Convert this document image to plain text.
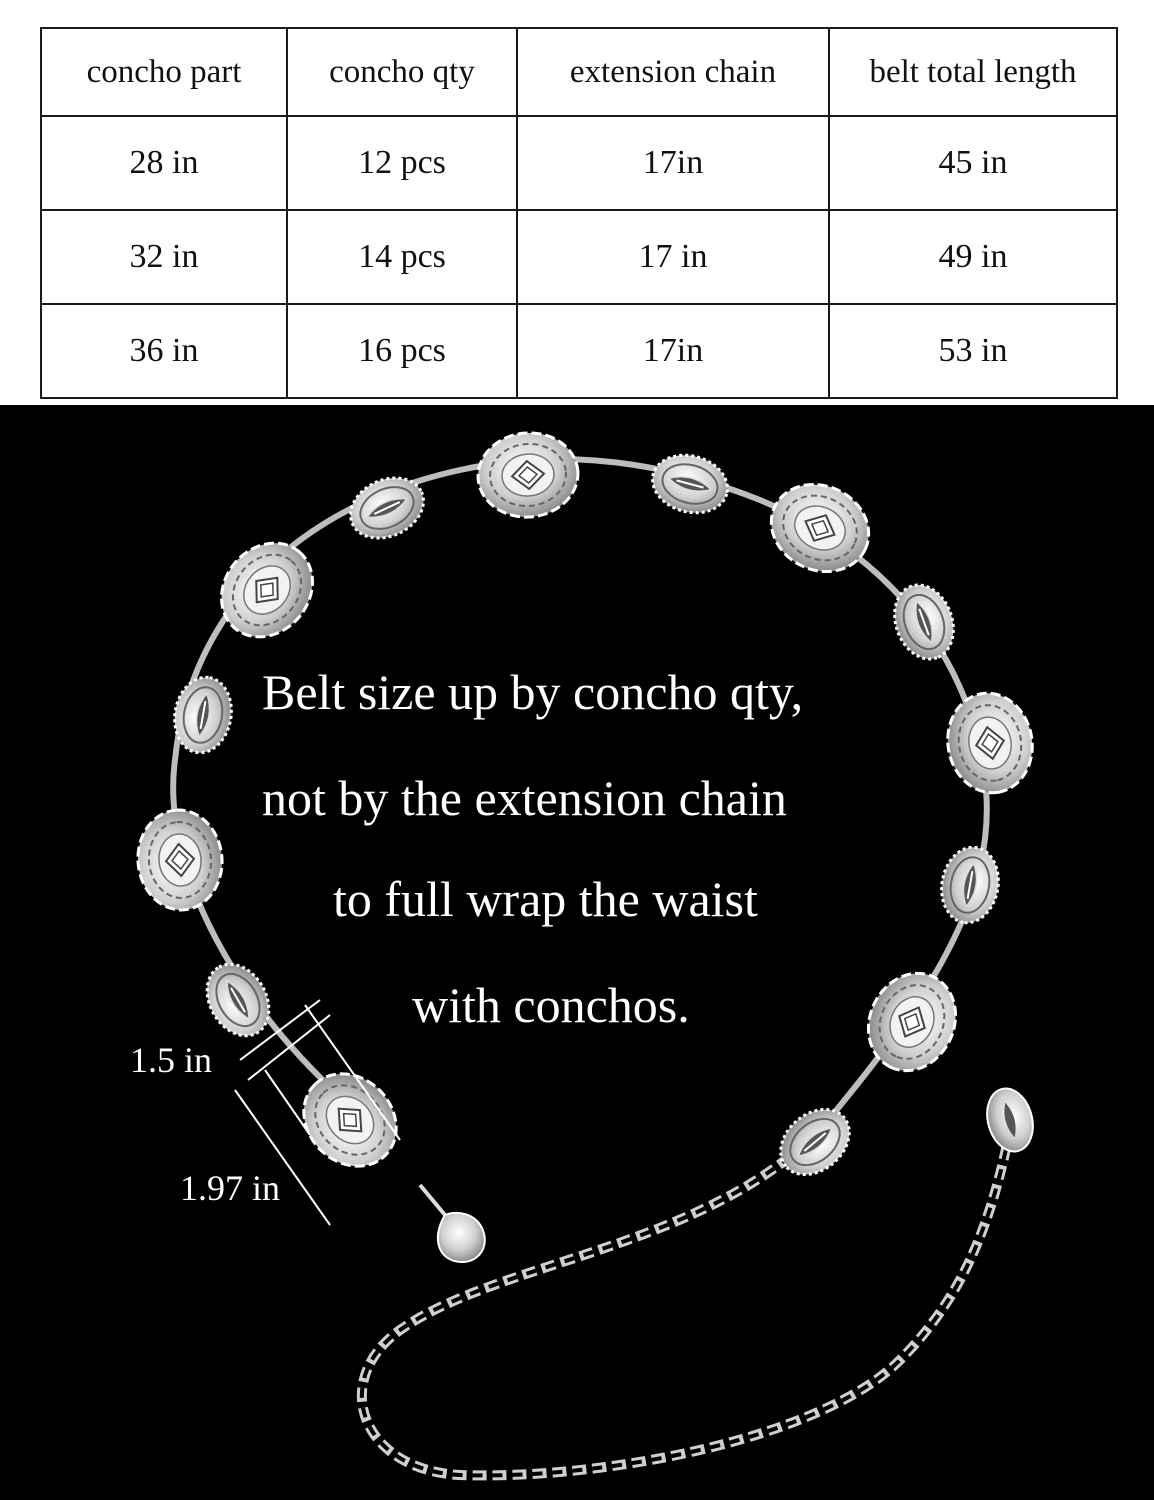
concho part	concho qty	extension chain	belt total length
28 in	12 pcs	17in	45 in
32 in	14 pcs	17 in	49 in
36 in	16 pcs	17in	53 in
Belt size up by concho qty,
not by the extension chain
to full wrap the waist
with conchos.
1.5 in
1.97 in
